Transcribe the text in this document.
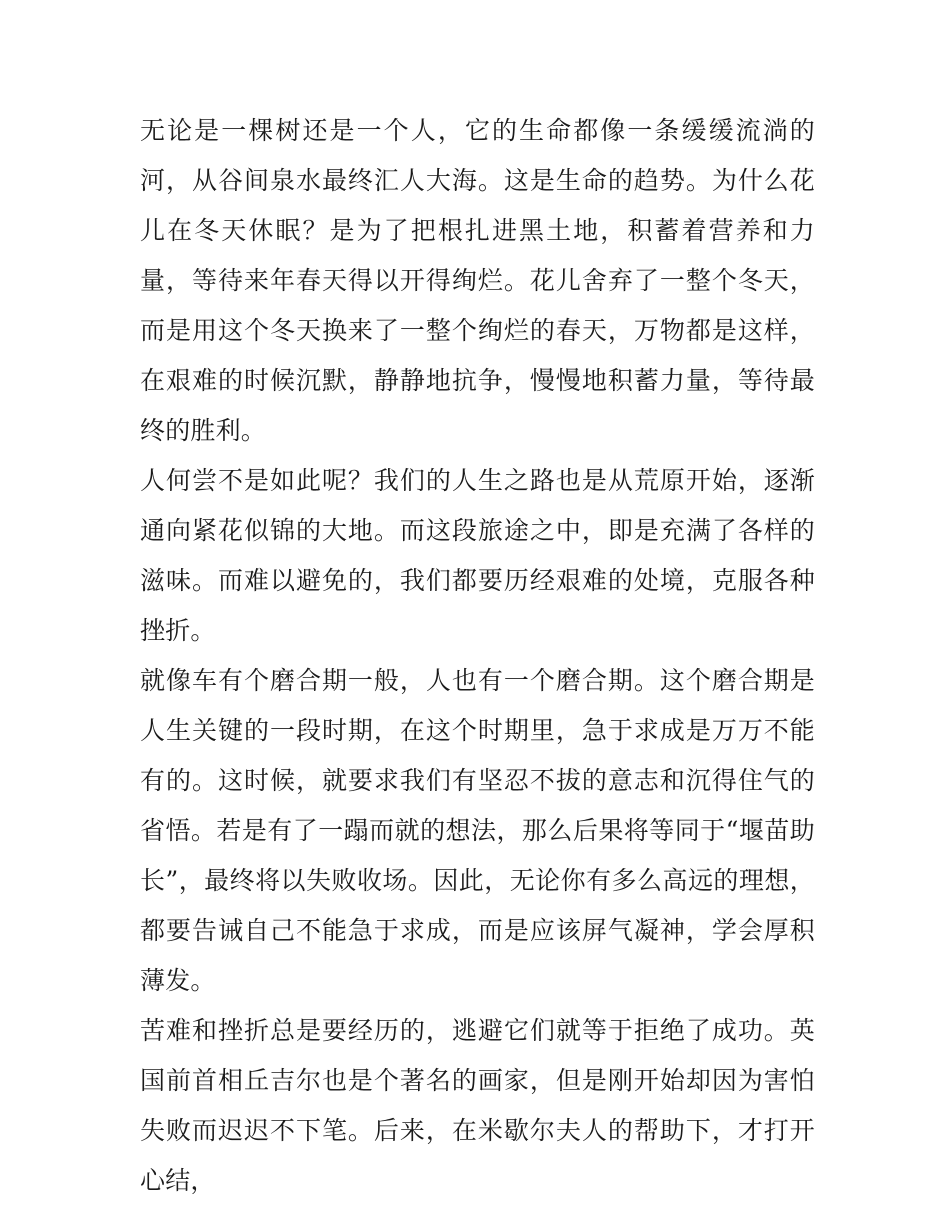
无论是一棵树还是一个人，它的生命都像一条缓缓流淌的河，从谷间泉水最终汇人大海。这是生命的趋势。为什么花儿在冬天休眠？是为了把根扎进黑土地，积蓄着营养和力量，等待来年春天得以开得绚烂。花儿舍弃了一整个冬天，而是用这个冬天换来了一整个绚烂的春天，万物都是这样，在艰难的时候沉默，静静地抗争，慢慢地积蓄力量，等待最终的胜利。

人何尝不是如此呢？我们的人生之路也是从荒原开始，逐渐通向紧花似锦的大地。而这段旅途之中，即是充满了各样的滋味。而难以避免的，我们都要历经艰难的处境，克服各种挫折。

就像车有个磨合期一般，人也有一个磨合期。这个磨合期是人生关键的一段时期，在这个时期里，急于求成是万万不能有的。这时候，就要求我们有坚忍不拔的意志和沉得住气的省悟。若是有了一蹋而就的想法，那么后果将等同于“堰苗助长”，最终将以失败收场。因此，无论你有多么高远的理想，都要告诫自己不能急于求成，而是应该屏气凝神，学会厚积薄发。

苦难和挫折总是要经历的，逃避它们就等于拒绝了成功。英国前首相丘吉尔也是个著名的画家，但是刚开始却因为害怕失败而迟迟不下笔。后来，在米歇尔夫人的帮助下，才打开心结，
